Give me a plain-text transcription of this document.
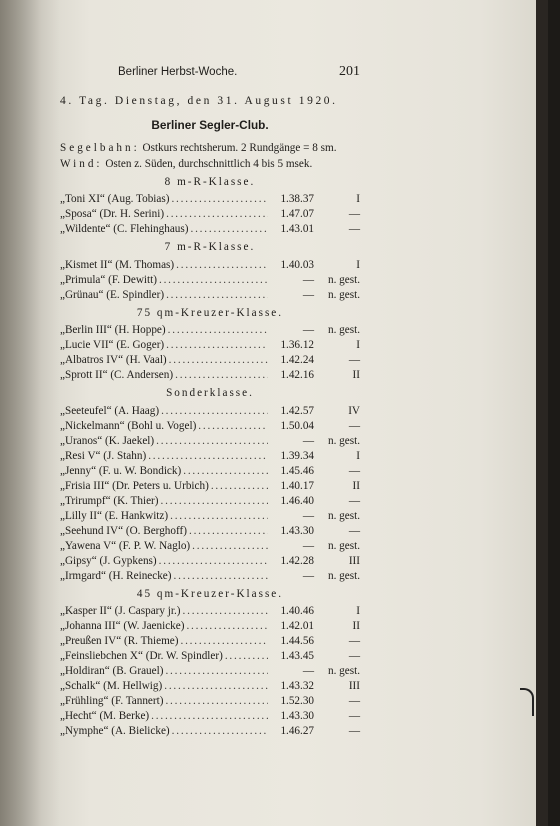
Berliner Herbst-Woche.	201
4. Tag. Dienstag, den 31. August 1920.
Berliner Segler-Club.

Segelbahn: Ostkurs rechtsherum. 2 Rundgänge = 8 sm.

Wind: Osten z. Süden, durchschnittlich 4 bis 5 msek.

8 m-R-Klasse.
„Toni XI“ (Aug. Tobias) . . .	1.38.37	I
„Sposa“ (Dr. H. Serini) . . .	1.47.07	—
„Wildente“ (C. Flehinghaus) . . .	1.43.01	—
7 m-R-Klasse.
„Kismet II“ (M. Thomas) . . .	1.40.03	I
„Primula“ (F. Dewitt) . . .	—	n. gest.
„Grünau“ (E. Spindler) . . .	—	n. gest.
75 qm-Kreuzer-Klasse.
„Berlin III“ (H. Hoppe) . . .	—	n. gest.
„Lucie VII“ (E. Goger) . . .	1.36.12	I
„Albatros IV“ (H. Vaal) . . .	1.42.24	—
„Sprott II“ (C. Andersen) . . .	1.42.16	II
Sonderklasse.
„Seeteufel“ (A. Haag) . . .	1.42.57	IV
„Nickelmann“ (Bohl u. Vogel) . . .	1.50.04	—
„Uranos“ (K. Jaekel) . . .	—	n. gest.
„Resi V“ (J. Stahn) . . .	1.39.34	I
„Jenny“ (F. u. W. Bondick) . . .	1.45.46	—
„Frisia III“ (Dr. Peters u. Urbich) . . .	1.40.17	II
„Trirumpf“ (K. Thier) . . .	1.46.40	—
„Lilly II“ (E. Hankwitz) . . .	—	n. gest.
„Seehund IV“ (O. Berghoff) . . .	1.43.30	—
„Yawena V“ (F. P. W. Naglo) . . .	—	n. gest.
„Gipsy“ (J. Gypkens) . . .	1.42.28	III
„Irmgard“ (H. Reinecke) . . .	—	n. gest.
45 qm-Kreuzer-Klasse.
„Kasper II“ (J. Caspary jr.) . . .	1.40.46	I
„Johanna III“ (W. Jaenicke) . . .	1.42.01	II
„Preußen IV“ (R. Thieme) . . .	1.44.56	—
„Feinsliebchen X“ (Dr. W. Spindler) . . .	1.43.45	—
„Holdiran“ (B. Grauel) . . .	—	n. gest.
„Schalk“ (M. Hellwig) . . .	1.43.32	III
„Frühling“ (F. Tannert) . . .	1.52.30	—
„Hecht“ (M. Berke) . . .	1.43.30	—
„Nymphe“ (A. Bielicke) . . .	1.46.27	—
